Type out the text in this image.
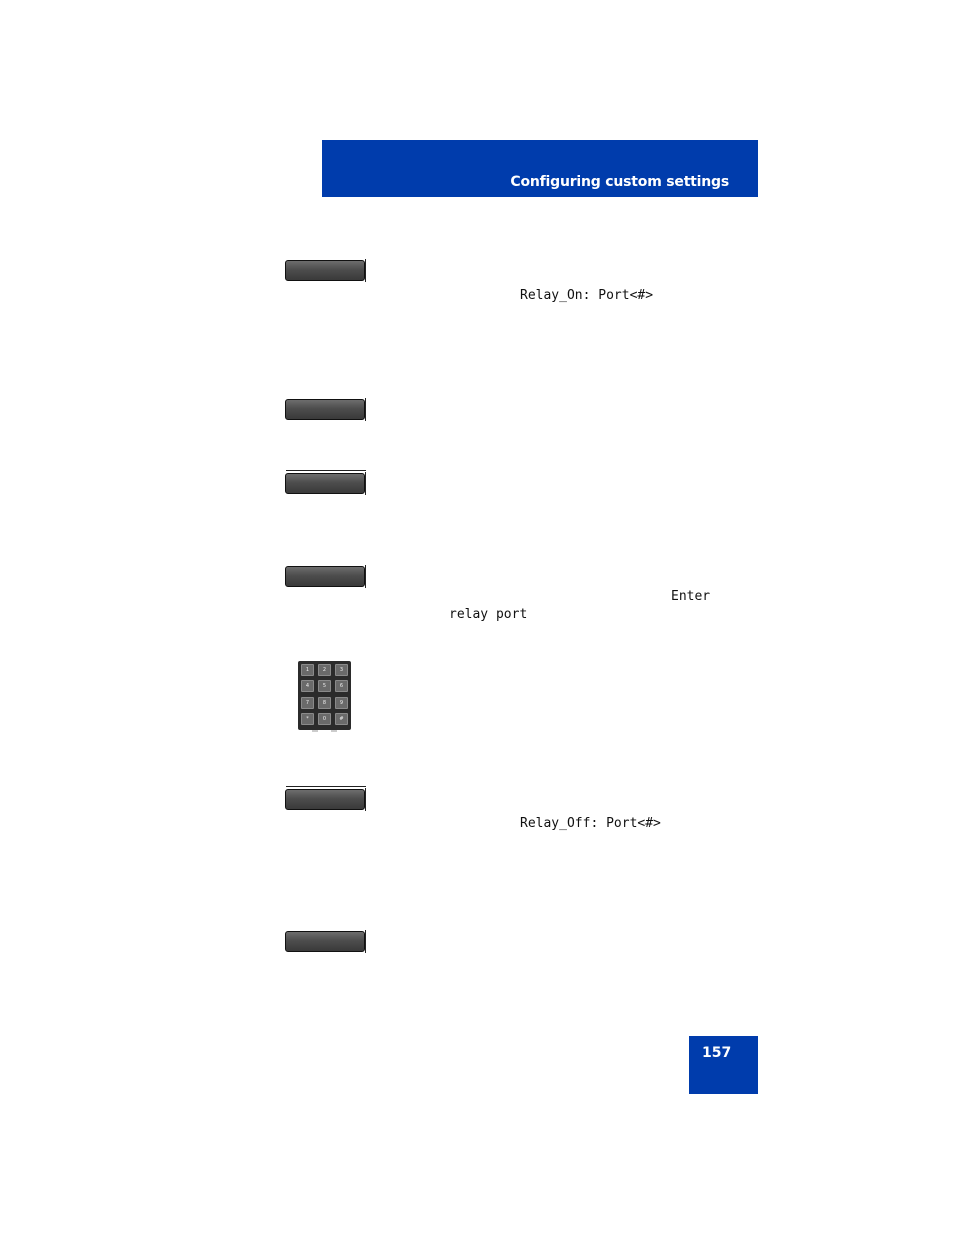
Configuring custom settings
Relay_On: Port<#>
Enter
relay port
1	2	3
4	5	6
7	8	9
*	0	#
Relay_Off: Port<#>
157
